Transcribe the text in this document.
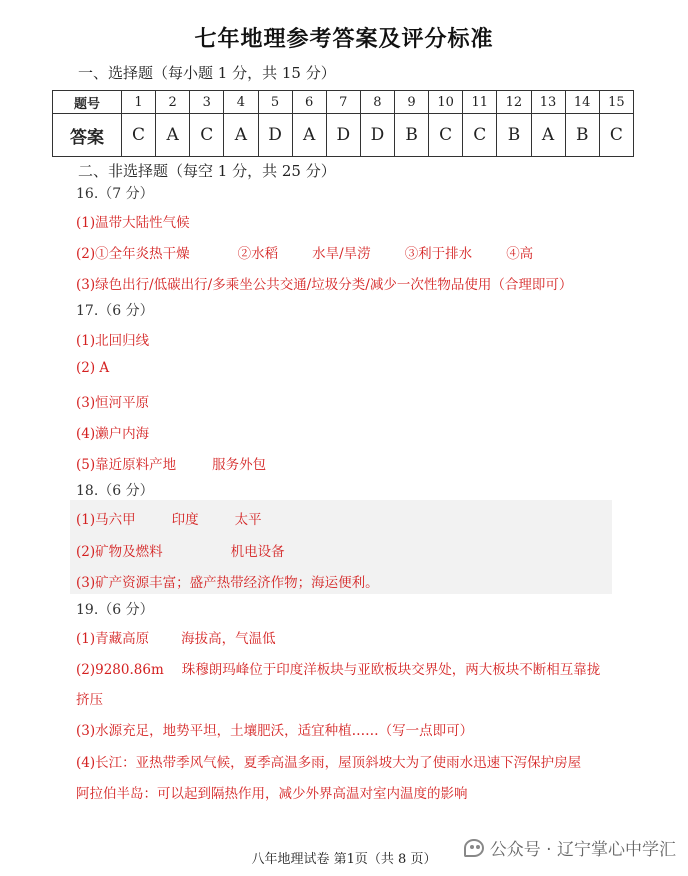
七年地理参考答案及评分标准
一、选择题（每小题 1 分，共 15 分）
题号	1	2	3	4	5	6	7	8	9	10	11	12	13	14	15
答案	C	A	C	A	D	A	D	D	B	C	C	B	A	B	C
二、非选择题（每空 1 分，共 25 分）
16.（7 分）
(1)温带大陆性气候
(2)①全年炎热干燥	②水稻	水旱/旱涝	③利于排水	④高
(3)绿色出行/低碳出行/多乘坐公共交通/垃圾分类/减少一次性物品使用（合理即可）
17.（6 分）
(1)北回归线
(2) A
(3)恒河平原
(4)濑户内海
(5)靠近原料产地	服务外包
18.（6 分）
(1)马六甲	印度	太平
(2)矿物及燃料	机电设备
(3)矿产资源丰富；盛产热带经济作物；海运便利。
19.（6 分）
(1)青藏高原 海拔高，气温低
(2)9280.86m 珠穆朗玛峰位于印度洋板块与亚欧板块交界处，两大板块不断相互靠拢
挤压
(3)水源充足，地势平坦，土壤肥沃，适宜种植……（写一点即可）
(4)长江：亚热带季风气候，夏季高温多雨，屋顶斜坡大为了使雨水迅速下泻保护房屋
阿拉伯半岛：可以起到隔热作用，减少外界高温对室内温度的影响
八年地理试卷 第1页（共 8 页）	公众号 · 辽宁掌心中学汇
